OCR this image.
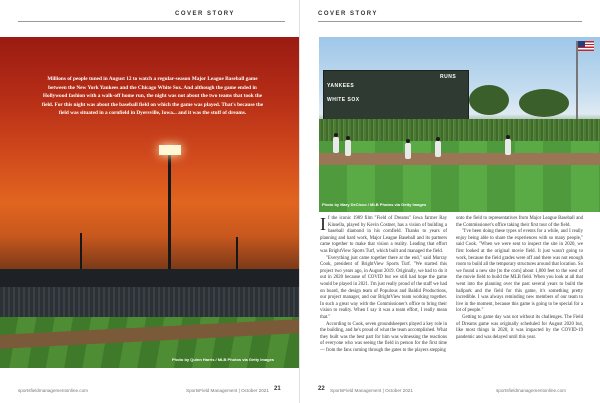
COVER STORY
Millions of people tuned in August 12 to watch a regular-season Major League Baseball game between the New York Yankees and the Chicago White Sox. And although the game ended in Hollywood fashion with a walk-off home run, the night was not about the two teams that took the field. For this night was about the baseball field on which the game was played. That's because the field was situated in a cornfield in Dyersville, Iowa... and it was the stuff of dreams.
Photo by Quinn Harris / MLB Photos via Getty Images
sportsfieldmanagementonline.com	SportsField Management | October 2021 21
COVER STORY
YANKEES
WHITE SOX
RUNS
Photo by Mary DeCicco / MLB Photos via Getty Images
I f the iconic 1989 film "Field of Dreams" Iowa farmer Ray Kinsella, played by Kevin Costner, has a vision of building a baseball diamond in his cornfield. Thanks to years of planning and hard work, Major League Baseball and its partners came together to make that vision a reality. Leading that effort was BrightView Sports Turf, which built and managed the field.

"Everything just came together there at the end," said Murray Cook, president of BrightView Sports Turf. "We started this project two years ago, in August 2019. Originally, we had to do it out in 2020 because of COVID but we still had hope the game would be played in 2021. I'm just really proud of the staff we had on board, the design team of Populous and Baldid Productions, our project manager, and our BrightView team working together. In such a great way with the Commissioner's office to bring their vision to reality. When I say it was a team effort, I really mean that."

According to Cook, seven groundskeepers played a key role in the building, and he's proud of what the team accomplished. What they built was the best part for him was witnessing the reactions of everyone who was seeing the field in person for the first time — from the fans coming through the gates to the players stepping

onto the field to representatives from Major League Baseball and the Commissioner's office taking their first tour of the field.

"I've been doing these types of events for a while, and I really enjoy being able to share the experiences with so many people," said Cook. "When we were sent to inspect the site in 2020, we first looked at the original movie field. It just wasn't going to work, because the field grades were off and there was not enough room to build all the temporary structures around that location. So we found a new site [to the corn] about 1,000 feet to the west of the movie field to build the MLB field. When you look at all that went into the planning over the past several years to build the ballpark and the field for this game, it's something pretty incredible. I was always reminding new members of our team to live in the moment, because this game is going to be special for a lot of people."

Getting to game day was not without its challenges. The Field of Dreams game was originally scheduled for August 2020 but, like most things in 2020, it was impacted by the COVID-19 pandemic and was delayed until this year.

22 SportsField Management | October 2021	sportsfieldmanagementonline.com
